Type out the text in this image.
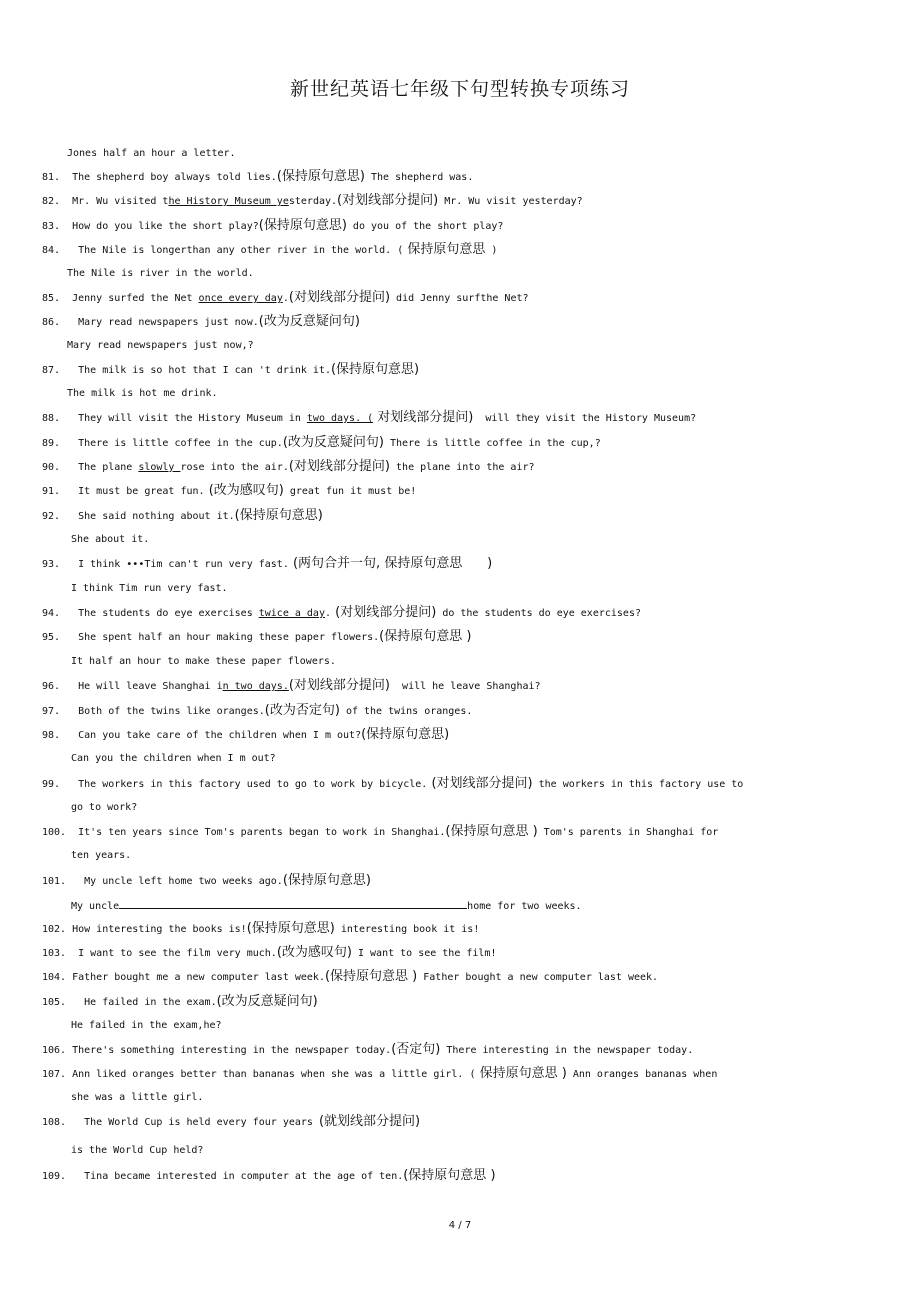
新世纪英语七年级下句型转换专项练习
Jones half an hour a letter.
81.  The shepherd boy always told lies.(保持原句意思) The shepherd was.
82.  Mr. Wu visited the History Museum yesterday.(对划线部分提问) Mr. Wu visit yesterday?
83.  How do you like the short play?(保持原句意思) do you of the short play?
84.   The Nile is longerthan any other river in the world. ( 保持原句意思 )
The Nile is river in the world.
85.  Jenny surfed the Net once every day.(对划线部分提问) did Jenny surfthe Net?
86.   Mary read newspapers just now.(改为反意疑问句)
Mary read newspapers just now,?
87.   The milk is so hot that I can 't drink it.(保持原句意思)
The milk is hot me drink.
88.   They will visit the History Museum in two days. ( 对划线部分提问)  will they visit the History Museum?
89.   There is little coffee in the cup.(改为反意疑问句) There is little coffee in the cup,?
90.   The plane slowly rose into the air.(对划线部分提问) the plane into the air?
91.   It must be great fun. (改为感叹句) great fun it must be!
92.   She said nothing about it.(保持原句意思)
She about it.
93.   I think •••Tim can't run very fast. (两句合并一句, 保持原句意思      )
I think Tim run very fast.
94.   The students do eye exercises twice a day. (对划线部分提问) do the students do eye exercises?
95.   She spent half an hour making these paper flowers.(保持原句意思 )
It half an hour to make these paper flowers.
96.   He will leave Shanghai in two days.(对划线部分提问)  will he leave Shanghai?
97.   Both of the twins like oranges.(改为否定句) of the twins oranges.
98.   Can you take care of the children when I m out?(保持原句意思)
Can you the children when I m out?
99.   The workers in this factory used to go to work by bicycle. (对划线部分提问) the workers in this factory use to
go to work?
100.  It's ten years since Tom's parents began to work in Shanghai.(保持原句意思 ) Tom's parents in Shanghai for
ten years.
101.   My uncle left home two weeks ago.(保持原句意思)
My uncle	home for two weeks.
102. How interesting the books is!(保持原句意思) interesting book it is!
103.  I want to see the film very much.(改为感叹句) I want to see the film!
104. Father bought me a new computer last week.(保持原句意思 ) Father bought a new computer last week.
105.   He failed in the exam.(改为反意疑问句)
He failed in the exam,he?
106. There's something interesting in the newspaper today.(否定句) There interesting in the newspaper today.
107. Ann liked oranges better than bananas when she was a little girl. ( 保持原句意思 ) Ann oranges bananas when
she was a little girl.
108.   The World Cup is held every four years (就划线部分提问)
is the World Cup held?
109.   Tina became interested in computer at the age of ten.(保持原句意思 )
4 / 7
